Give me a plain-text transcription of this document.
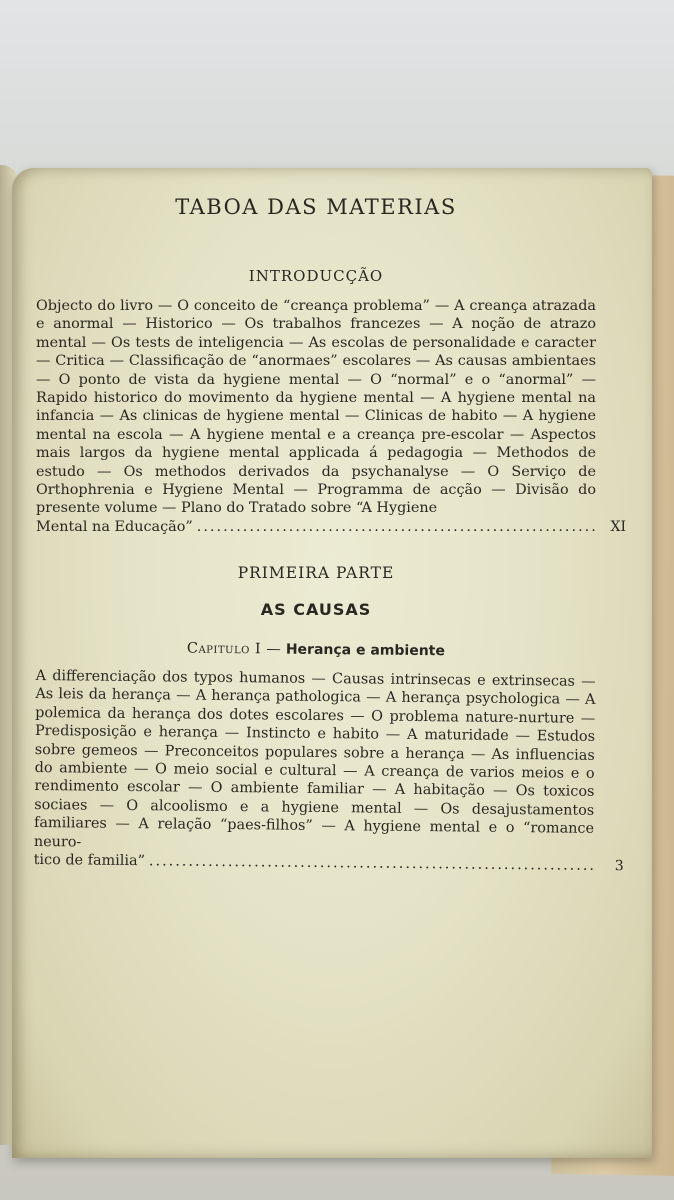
TABOA DAS MATERIAS
INTRODUCÇÃO

Objecto do livro — O conceito de “creança problema” — A creança atrazada e anormal — Historico — Os trabalhos francezes — A noção de atrazo mental — Os tests de inteligencia — As escolas de personalidade e caracter — Critica — Classificação de “anormaes” escolares — As causas ambientaes — O ponto de vista da hygiene mental — O “normal” e o “anormal” — Rapido historico do movimento da hygiene mental — A hygiene mental na infancia — As clinicas de hygiene mental — Clinicas de habito — A hygiene mental na escola — A hygiene mental e a creança pre-escolar — Aspectos mais largos da hygiene mental applicada á pedagogia — Methodos de estudo — Os methodos derivados da psychanalyse — O Serviço de Orthophrenia e Hygiene Mental — Programma de acção — Divisão do presente volume — Plano do Tratado sobre “A Hygiene

Mental na Educação” .....	XI
PRIMEIRA PARTE
AS CAUSAS
Capitulo I — Herança e ambiente

A differenciação dos typos humanos — Causas intrinsecas e extrinsecas — As leis da herança — A herança pathologica — A herança psychologica — A polemica da herança dos dotes escolares — O problema nature-nurture — Predisposição e herança — Instincto e habito — A maturidade — Estudos sobre gemeos — Preconceitos populares sobre a herança — As influencias do ambiente — O meio social e cultural — A creança de varios meios e o rendimento escolar — O ambiente familiar — A habitação — Os toxicos sociaes — O alcoolismo e a hygiene mental — Os desajustamentos familiares — A relação “paes-filhos” — A hygiene mental e o “romance neuro-

tico de familia” .....	3
